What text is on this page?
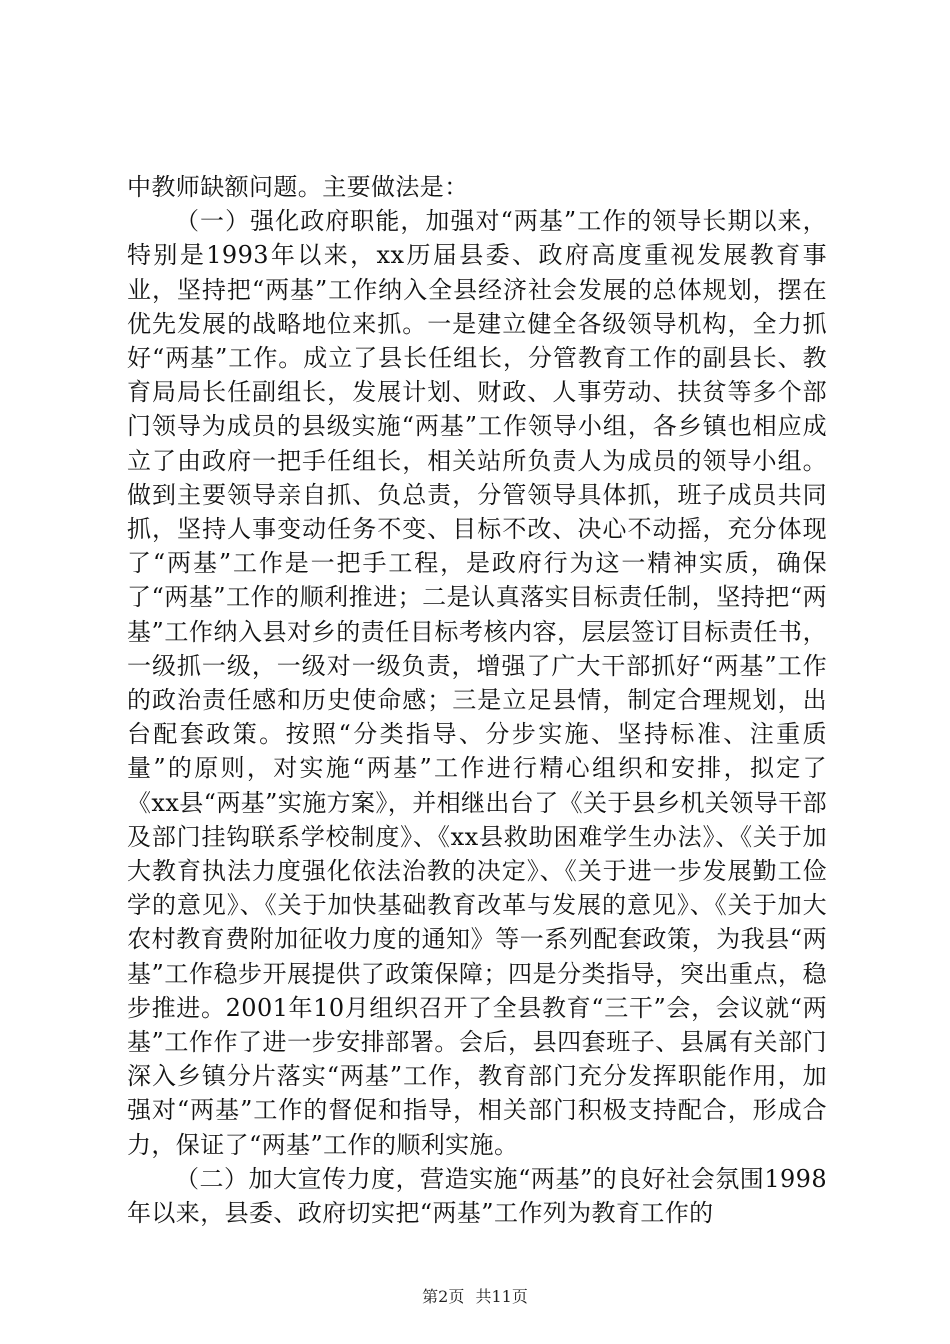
中教师缺额问题。主要做法是：

（一）强化政府职能，加强对“两基”工作的领导长期以来，特别是1993年以来，xx历届县委、政府高度重视发展教育事业，坚持把“两基”工作纳入全县经济社会发展的总体规划，摆在优先发展的战略地位来抓。一是建立健全各级领导机构，全力抓好“两基”工作。成立了县长任组长，分管教育工作的副县长、教育局局长任副组长，发展计划、财政、人事劳动、扶贫等多个部门领导为成员的县级实施“两基”工作领导小组，各乡镇也相应成立了由政府一把手任组长，相关站所负责人为成员的领导小组。做到主要领导亲自抓、负总责，分管领导具体抓，班子成员共同抓，坚持人事变动任务不变、目标不改、决心不动摇，充分体现了“两基”工作是一把手工程，是政府行为这一精神实质，确保了“两基”工作的顺利推进；二是认真落实目标责任制，坚持把“两基”工作纳入县对乡的责任目标考核内容，层层签订目标责任书，一级抓一级，一级对一级负责，增强了广大干部抓好“两基”工作的政治责任感和历史使命感；三是立足县情，制定合理规划，出台配套政策。按照“分类指导、分步实施、坚持标准、注重质量”的原则，对实施“两基”工作进行精心组织和安排，拟定了《xx县“两基”实施方案》，并相继出台了《关于县乡机关领导干部及部门挂钩联系学校制度》、《xx县救助困难学生办法》、《关于加大教育执法力度强化依法治教的决定》、《关于进一步发展勤工俭学的意见》、《关于加快基础教育改革与发展的意见》、《关于加大农村教育费附加征收力度的通知》等一系列配套政策，为我县“两基”工作稳步开展提供了政策保障；四是分类指导，突出重点，稳步推进。2001年10月组织召开了全县教育“三干”会，会议就“两基”工作作了进一步安排部署。会后，县四套班子、县属有关部门深入乡镇分片落实“两基”工作，教育部门充分发挥职能作用，加强对“两基”工作的督促和指导，相关部门积极支持配合，形成合力，保证了“两基”工作的顺利实施。

（二）加大宣传力度，营造实施“两基”的良好社会氛围1998年以来，县委、政府切实把“两基”工作列为教育工作的

第2页 共11页
